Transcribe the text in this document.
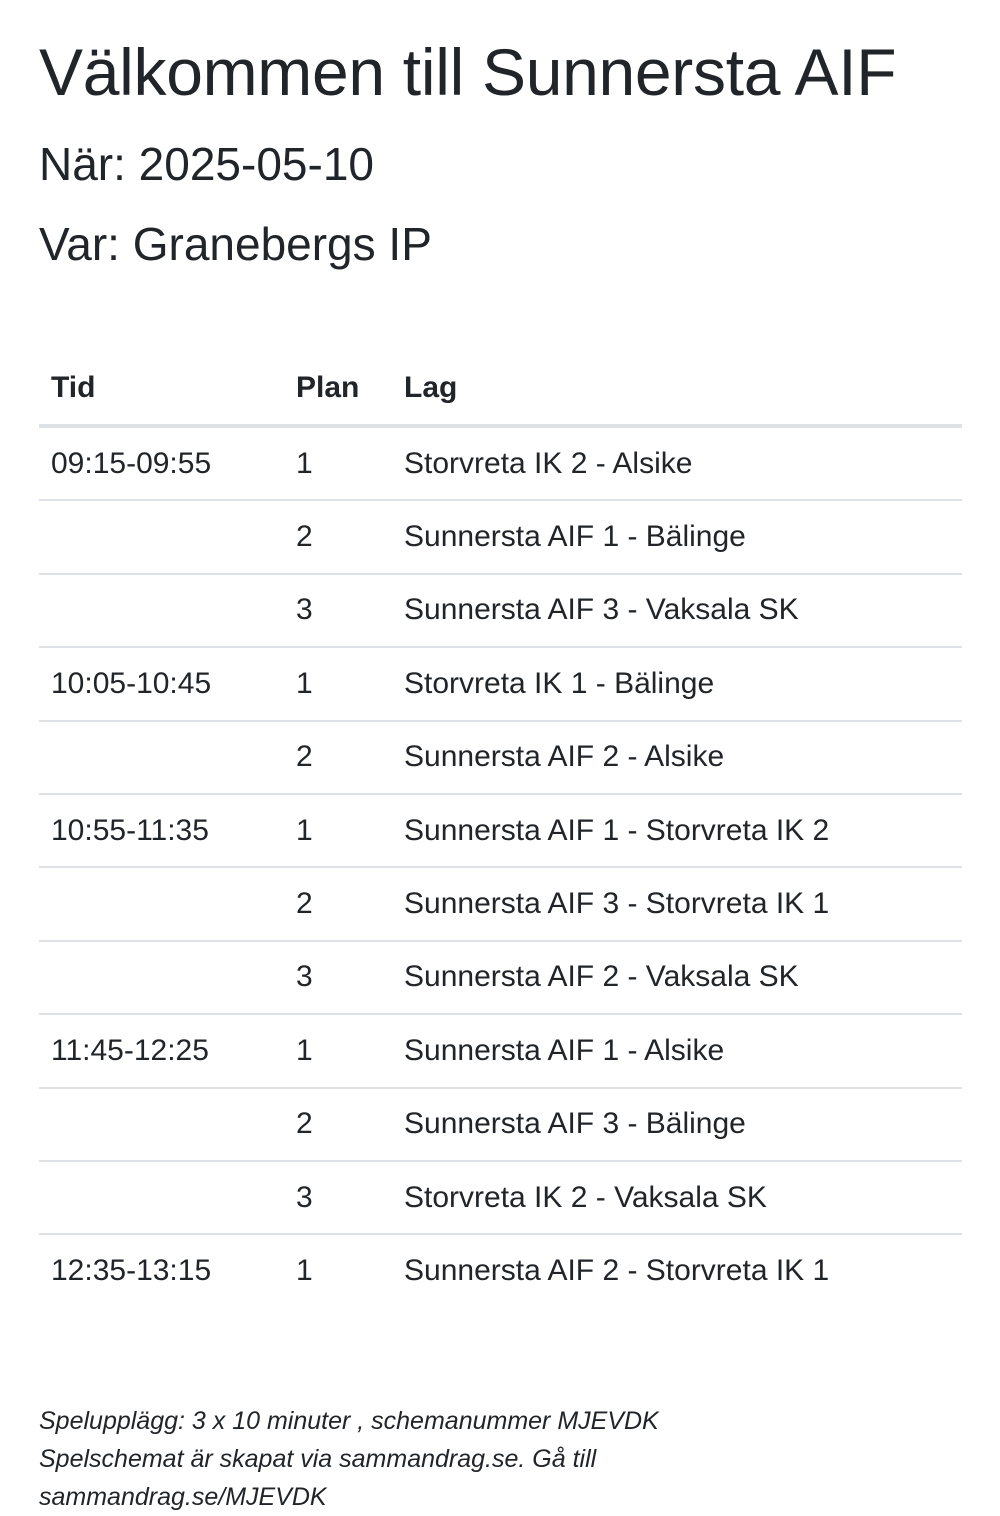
Välkommen till Sunnersta AIF
När: 2025-05-10
Var: Granebergs IP
Tid	Plan	Lag
09:15-09:55	1	Storvreta IK 2 - Alsike
	2	Sunnersta AIF 1 - Bälinge
	3	Sunnersta AIF 3 - Vaksala SK
10:05-10:45	1	Storvreta IK 1 - Bälinge
	2	Sunnersta AIF 2 - Alsike
10:55-11:35	1	Sunnersta AIF 1 - Storvreta IK 2
	2	Sunnersta AIF 3 - Storvreta IK 1
	3	Sunnersta AIF 2 - Vaksala SK
11:45-12:25	1	Sunnersta AIF 1 - Alsike
	2	Sunnersta AIF 3 - Bälinge
	3	Storvreta IK 2 - Vaksala SK
12:35-13:15	1	Sunnersta AIF 2 - Storvreta IK 1

Spelupplägg: 3 x 10 minuter , schemanummer MJEVDK

Spelschemat är skapat via sammandrag.se. Gå till

sammandrag.se/MJEVDK
